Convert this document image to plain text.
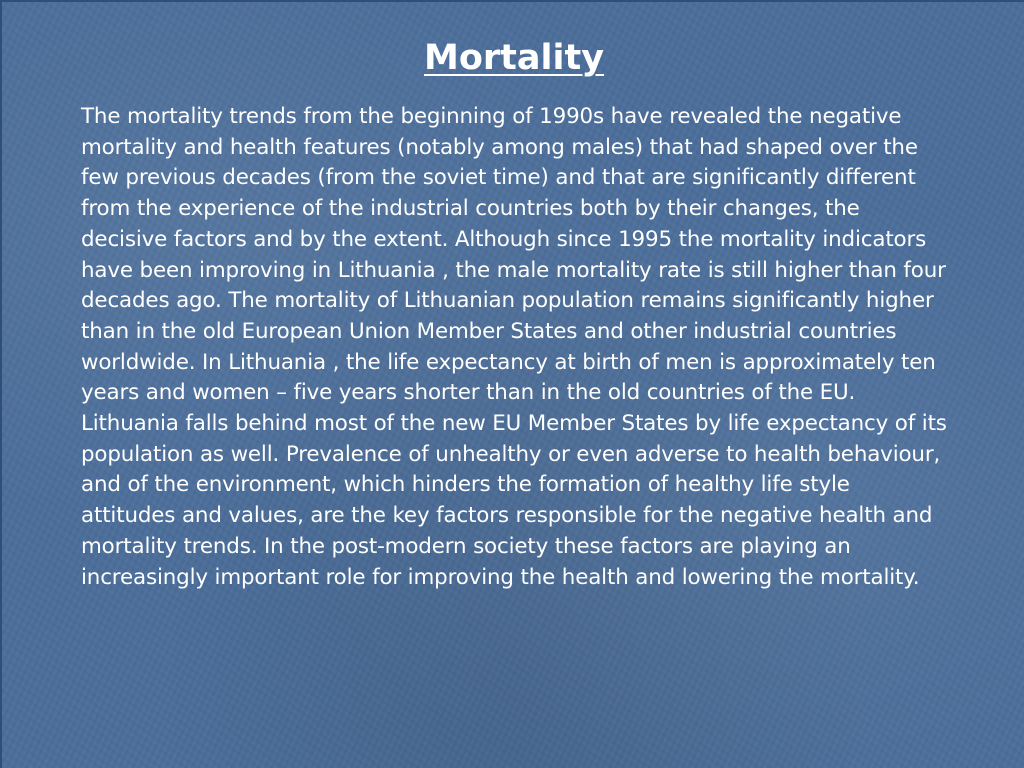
Mortality

The mortality trends from the beginning of 1990s have revealed the negative mortality and health features (notably among males) that had shaped over the few previous decades (from the soviet time) and that are significantly different from the experience of the industrial countries both by their changes, the decisive factors and by the extent. Although since 1995 the mortality indicators have been improving in Lithuania , the male mortality rate is still higher than four decades ago. The mortality of Lithuanian population remains significantly higher than in the old European Union Member States and other industrial countries worldwide. In Lithuania , the life expectancy at birth of men is approximately ten years and women – five years shorter than in the old countries of the EU. Lithuania falls behind most of the new EU Member States by life expectancy of its population as well. Prevalence of unhealthy or even adverse to health behaviour, and of the environment, which hinders the formation of healthy life style attitudes and values, are the key factors responsible for the negative health and mortality trends. In the post-modern society these factors are playing an increasingly important role for improving the health and lowering the mortality.
